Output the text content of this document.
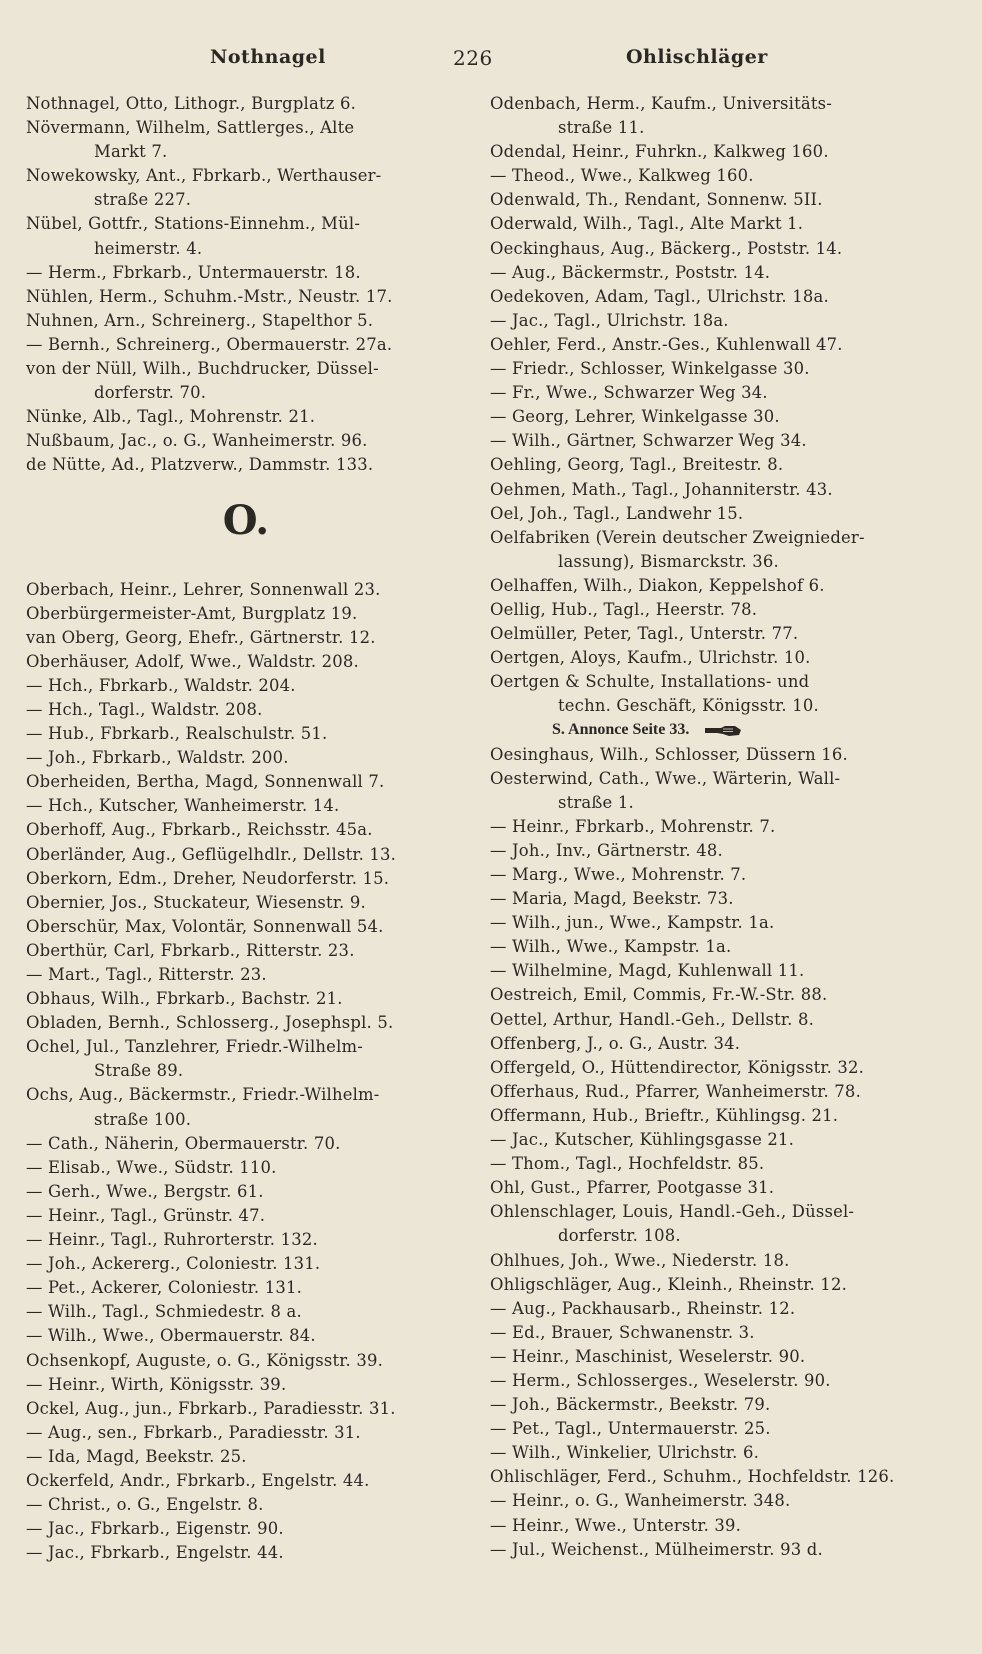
Nothnagel	226	Ohlischläger
Nothnagel, Otto, Lithogr., Burgplatz 6.
Növermann, Wilhelm, Sattlerges., Alte
Markt 7.
Nowekowsky, Ant., Fbrkarb., Werthauser-
straße 227.
Nübel, Gottfr., Stations-Einnehm., Mül-
heimerstr. 4.
— Herm., Fbrkarb., Untermauerstr. 18.
Nühlen, Herm., Schuhm.-Mstr., Neustr. 17.
Nuhnen, Arn., Schreinerg., Stapelthor 5.
— Bernh., Schreinerg., Obermauerstr. 27a.
von der Nüll, Wilh., Buchdrucker, Düssel-
dorferstr. 70.
Nünke, Alb., Tagl., Mohrenstr. 21.
Nußbaum, Jac., o. G., Wanheimerstr. 96.
de Nütte, Ad., Platzverw., Dammstr. 133.
O.
Oberbach, Heinr., Lehrer, Sonnenwall 23.
Oberbürgermeister-Amt, Burgplatz 19.
van Oberg, Georg, Ehefr., Gärtnerstr. 12.
Oberhäuser, Adolf, Wwe., Waldstr. 208.
— Hch., Fbrkarb., Waldstr. 204.
— Hch., Tagl., Waldstr. 208.
— Hub., Fbrkarb., Realschulstr. 51.
— Joh., Fbrkarb., Waldstr. 200.
Oberheiden, Bertha, Magd, Sonnenwall 7.
— Hch., Kutscher, Wanheimerstr. 14.
Oberhoff, Aug., Fbrkarb., Reichsstr. 45a.
Oberländer, Aug., Geflügelhdlr., Dellstr. 13.
Oberkorn, Edm., Dreher, Neudorferstr. 15.
Obernier, Jos., Stuckateur, Wiesenstr. 9.
Oberschür, Max, Volontär, Sonnenwall 54.
Oberthür, Carl, Fbrkarb., Ritterstr. 23.
— Mart., Tagl., Ritterstr. 23.
Obhaus, Wilh., Fbrkarb., Bachstr. 21.
Obladen, Bernh., Schlosserg., Josephspl. 5.
Ochel, Jul., Tanzlehrer, Friedr.-Wilhelm-
Straße 89.
Ochs, Aug., Bäckermstr., Friedr.-Wilhelm-
straße 100.
— Cath., Näherin, Obermauerstr. 70.
— Elisab., Wwe., Südstr. 110.
— Gerh., Wwe., Bergstr. 61.
— Heinr., Tagl., Grünstr. 47.
— Heinr., Tagl., Ruhrorterstr. 132.
— Joh., Ackererg., Coloniestr. 131.
— Pet., Ackerer, Coloniestr. 131.
— Wilh., Tagl., Schmiedestr. 8 a.
— Wilh., Wwe., Obermauerstr. 84.
Ochsenkopf, Auguste, o. G., Königsstr. 39.
— Heinr., Wirth, Königsstr. 39.
Ockel, Aug., jun., Fbrkarb., Paradiesstr. 31.
— Aug., sen., Fbrkarb., Paradiesstr. 31.
— Ida, Magd, Beekstr. 25.
Ockerfeld, Andr., Fbrkarb., Engelstr. 44.
— Christ., o. G., Engelstr. 8.
— Jac., Fbrkarb., Eigenstr. 90.
— Jac., Fbrkarb., Engelstr. 44.
Odenbach, Herm., Kaufm., Universitäts-
straße 11.
Odendal, Heinr., Fuhrkn., Kalkweg 160.
— Theod., Wwe., Kalkweg 160.
Odenwald, Th., Rendant, Sonnenw. 5II.
Oderwald, Wilh., Tagl., Alte Markt 1.
Oeckinghaus, Aug., Bäckerg., Poststr. 14.
— Aug., Bäckermstr., Poststr. 14.
Oedekoven, Adam, Tagl., Ulrichstr. 18a.
— Jac., Tagl., Ulrichstr. 18a.
Oehler, Ferd., Anstr.-Ges., Kuhlenwall 47.
— Friedr., Schlosser, Winkelgasse 30.
— Fr., Wwe., Schwarzer Weg 34.
— Georg, Lehrer, Winkelgasse 30.
— Wilh., Gärtner, Schwarzer Weg 34.
Oehling, Georg, Tagl., Breitestr. 8.
Oehmen, Math., Tagl., Johanniterstr. 43.
Oel, Joh., Tagl., Landwehr 15.
Oelfabriken (Verein deutscher Zweignieder-
lassung), Bismarckstr. 36.
Oelhaffen, Wilh., Diakon, Keppelshof 6.
Oellig, Hub., Tagl., Heerstr. 78.
Oelmüller, Peter, Tagl., Unterstr. 77.
Oertgen, Aloys, Kaufm., Ulrichstr. 10.
Oertgen & Schulte, Installations- und
techn. Geschäft, Königsstr. 10.
S. Annonce Seite 33.
Oesinghaus, Wilh., Schlosser, Düssern 16.
Oesterwind, Cath., Wwe., Wärterin, Wall-
straße 1.
— Heinr., Fbrkarb., Mohrenstr. 7.
— Joh., Inv., Gärtnerstr. 48.
— Marg., Wwe., Mohrenstr. 7.
— Maria, Magd, Beekstr. 73.
— Wilh., jun., Wwe., Kampstr. 1a.
— Wilh., Wwe., Kampstr. 1a.
— Wilhelmine, Magd, Kuhlenwall 11.
Oestreich, Emil, Commis, Fr.-W.-Str. 88.
Oettel, Arthur, Handl.-Geh., Dellstr. 8.
Offenberg, J., o. G., Austr. 34.
Offergeld, O., Hüttendirector, Königsstr. 32.
Offerhaus, Rud., Pfarrer, Wanheimerstr. 78.
Offermann, Hub., Brieftr., Kühlingsg. 21.
— Jac., Kutscher, Kühlingsgasse 21.
— Thom., Tagl., Hochfeldstr. 85.
Ohl, Gust., Pfarrer, Pootgasse 31.
Ohlenschlager, Louis, Handl.-Geh., Düssel-
dorferstr. 108.
Ohlhues, Joh., Wwe., Niederstr. 18.
Ohligschläger, Aug., Kleinh., Rheinstr. 12.
— Aug., Packhausarb., Rheinstr. 12.
— Ed., Brauer, Schwanenstr. 3.
— Heinr., Maschinist, Weselerstr. 90.
— Herm., Schlosserges., Weselerstr. 90.
— Joh., Bäckermstr., Beekstr. 79.
— Pet., Tagl., Untermauerstr. 25.
— Wilh., Winkelier, Ulrichstr. 6.
Ohlischläger, Ferd., Schuhm., Hochfeldstr. 126.
— Heinr., o. G., Wanheimerstr. 348.
— Heinr., Wwe., Unterstr. 39.
— Jul., Weichenst., Mülheimerstr. 93 d.
